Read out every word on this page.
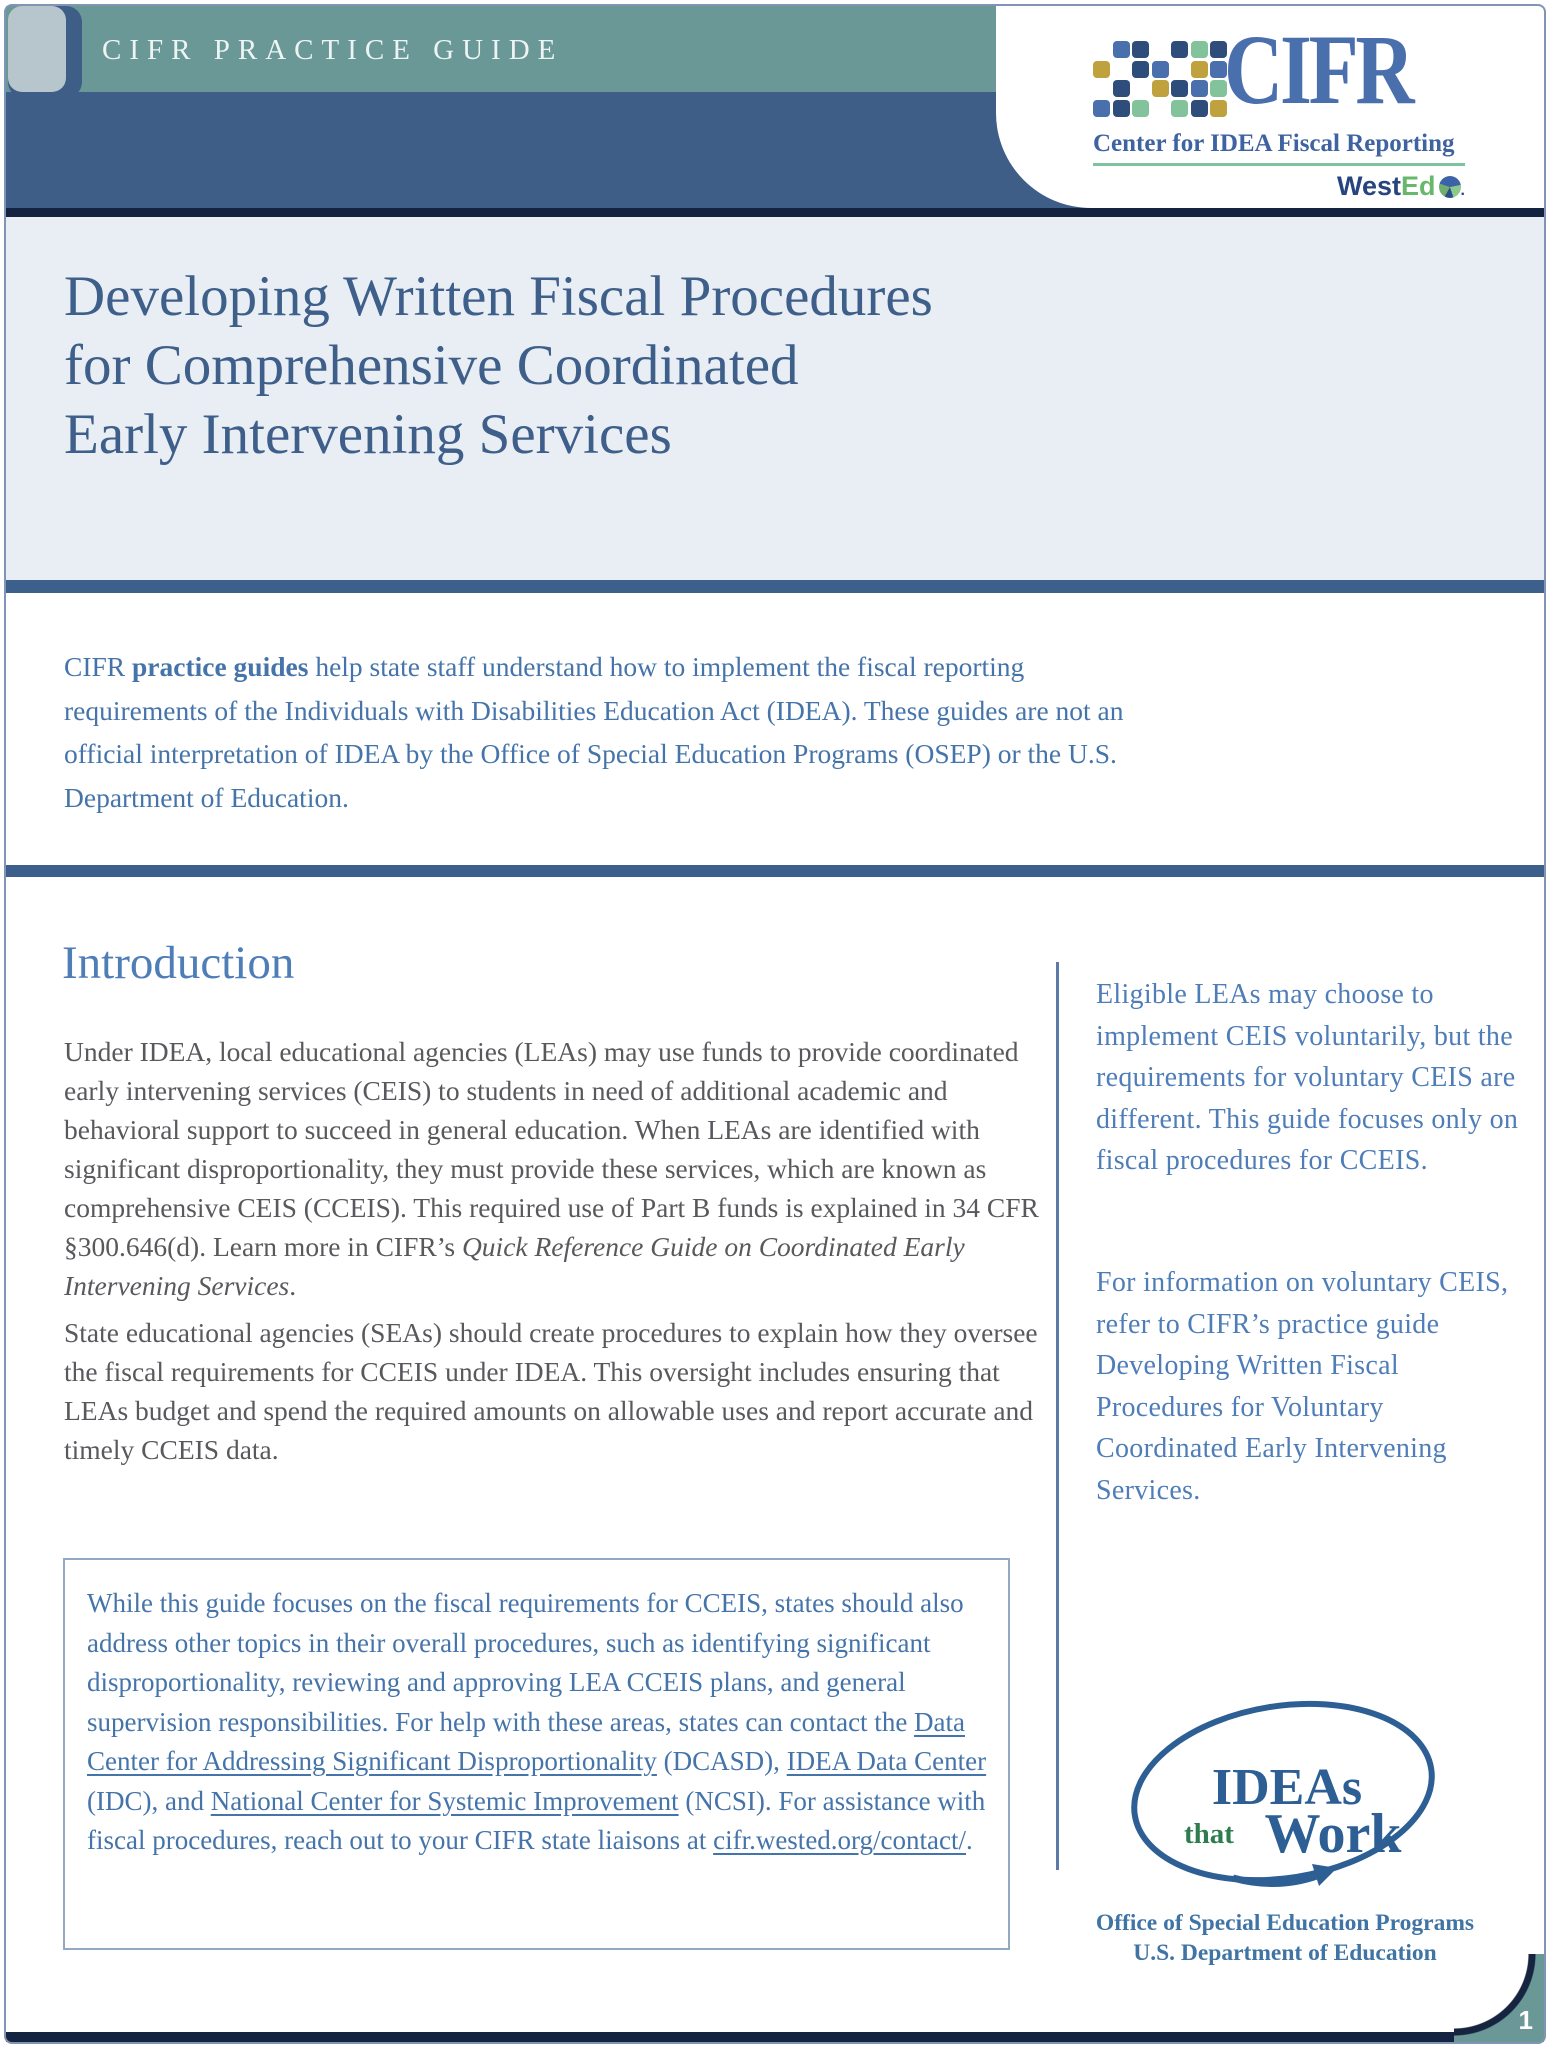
CIFR PRACTICE GUIDE	CIFR
Center for IDEA Fiscal Reporting
WestEd .
Developing Written Fiscal Procedures
for Comprehensive Coordinated
Early Intervening Services
CIFR practice guides help state staff understand how to implement the fiscal reporting requirements of the Individuals with Disabilities Education Act (IDEA). These guides are not an official interpretation of IDEA by the Office of Special Education Programs (OSEP) or the U.S. Department of Education.
Introduction
Under IDEA, local educational agencies (LEAs) may use funds to provide coordinated early intervening services (CEIS) to students in need of additional academic and behavioral support to succeed in general education. When LEAs are identified with significant disproportionality, they must provide these services, which are known as comprehensive CEIS (CCEIS). This required use of Part B funds is explained in 34 CFR §300.646(d). Learn more in CIFR’s Quick Reference Guide on Coordinated Early Intervening Services.
State educational agencies (SEAs) should create procedures to explain how they oversee the fiscal requirements for CCEIS under IDEA. This oversight includes ensuring that LEAs budget and spend the required amounts on allowable uses and report accurate and timely CCEIS data.
Eligible LEAs may choose to implement CEIS voluntarily, but the requirements for voluntary CEIS are different. This guide focuses only on fiscal procedures for CCEIS.
For information on voluntary CEIS, refer to CIFR’s practice guide Developing Written Fiscal Procedures for Voluntary Coordinated Early Intervening Services.
While this guide focuses on the fiscal requirements for CCEIS, states should also address other topics in their overall procedures, such as identifying significant disproportionality, reviewing and approving LEA CCEIS plans, and general supervision responsibilities. For help with these areas, states can contact the Data Center for Addressing Significant Disproportionality (DCASD), IDEA Data Center (IDC), and National Center for Systemic Improvement (NCSI). For assistance with fiscal procedures, reach out to your CIFR state liaisons at cifr.wested.org/contact/.
IDEAs
that Work
Office of Special Education Programs
U.S. Department of Education
1
